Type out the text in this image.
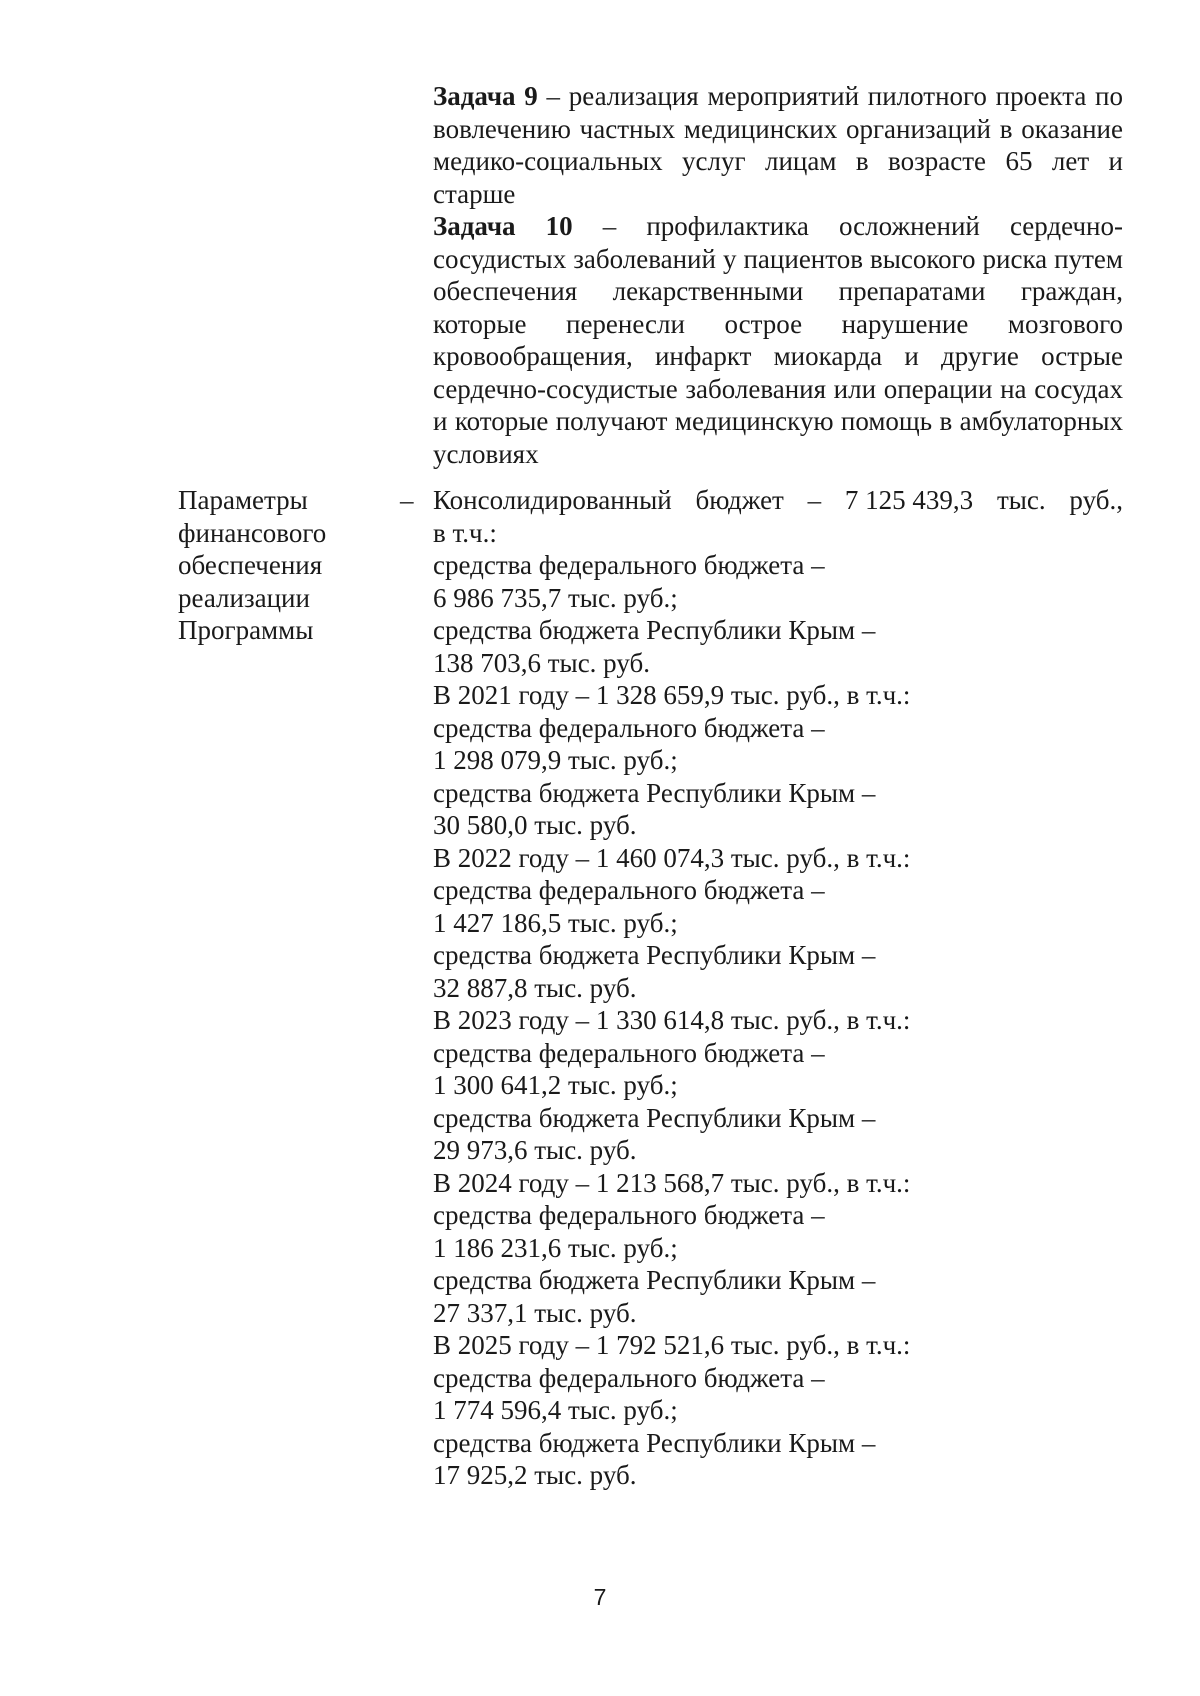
Задача 9 – реализация мероприятий пилотного проекта по вовлечению частных медицинских организаций в оказание медико-социальных услуг лицам в возрасте 65 лет и старше

Задача 10 – профилактика осложнений сердечно-сосудистых заболеваний у пациентов высокого риска путем обеспечения лекарственными препаратами граждан, которые перенесли острое нарушение мозгового кровообращения, инфаркт миокарда и другие острые сердечно-сосудистые заболевания или операции на сосудах и которые получают медицинскую помощь в амбулаторных условиях

Параметры
финансового
обеспечения
реализации
Программы
– Консолидированный бюджет – 7 125 439,3 тыс. руб.,
в т.ч.:
средства федерального бюджета –
6 986 735,7 тыс. руб.;
средства бюджета Республики Крым –
138 703,6 тыс. руб.
В 2021 году – 1 328 659,9 тыс. руб., в т.ч.:
средства федерального бюджета –
1 298 079,9 тыс. руб.;
средства бюджета Республики Крым –
30 580,0 тыс. руб.
В 2022 году – 1 460 074,3 тыс. руб., в т.ч.:
средства федерального бюджета –
1 427 186,5 тыс. руб.;
средства бюджета Республики Крым –
32 887,8 тыс. руб.
В 2023 году – 1 330 614,8 тыс. руб., в т.ч.:
средства федерального бюджета –
1 300 641,2 тыс. руб.;
средства бюджета Республики Крым –
29 973,6 тыс. руб.
В 2024 году – 1 213 568,7 тыс. руб., в т.ч.:
средства федерального бюджета –
1 186 231,6 тыс. руб.;
средства бюджета Республики Крым –
27 337,1 тыс. руб.
В 2025 году – 1 792 521,6 тыс. руб., в т.ч.:
средства федерального бюджета –
1 774 596,4 тыс. руб.;
средства бюджета Республики Крым –
17 925,2 тыс. руб.
7
